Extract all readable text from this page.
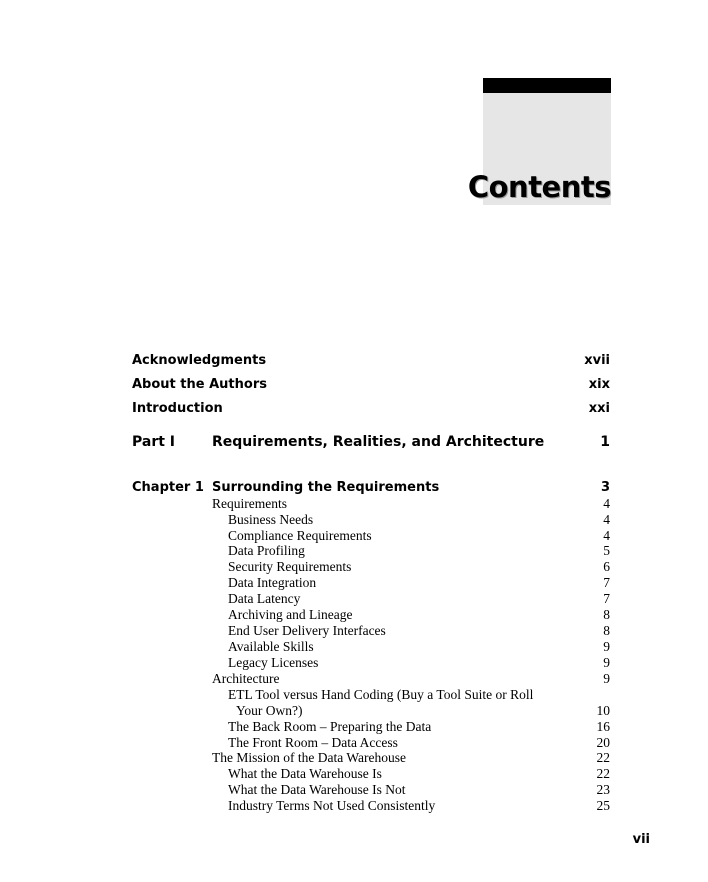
Contents
Acknowledgments	xvii
About the Authors	xix
Introduction	xxi
Part I	Requirements, Realities, and Architecture	1
Chapter 1 Surrounding the Requirements	3
Requirements	4
Business Needs	4
Compliance Requirements	4
Data Profiling	5
Security Requirements	6
Data Integration	7
Data Latency	7
Archiving and Lineage	8
End User Delivery Interfaces	8
Available Skills	9
Legacy Licenses	9
Architecture	9
ETL Tool versus Hand Coding (Buy a Tool Suite or Roll
Your Own?)	10
The Back Room – Preparing the Data	16
The Front Room – Data Access	20
The Mission of the Data Warehouse	22
What the Data Warehouse Is	22
What the Data Warehouse Is Not	23
Industry Terms Not Used Consistently	25
vii
